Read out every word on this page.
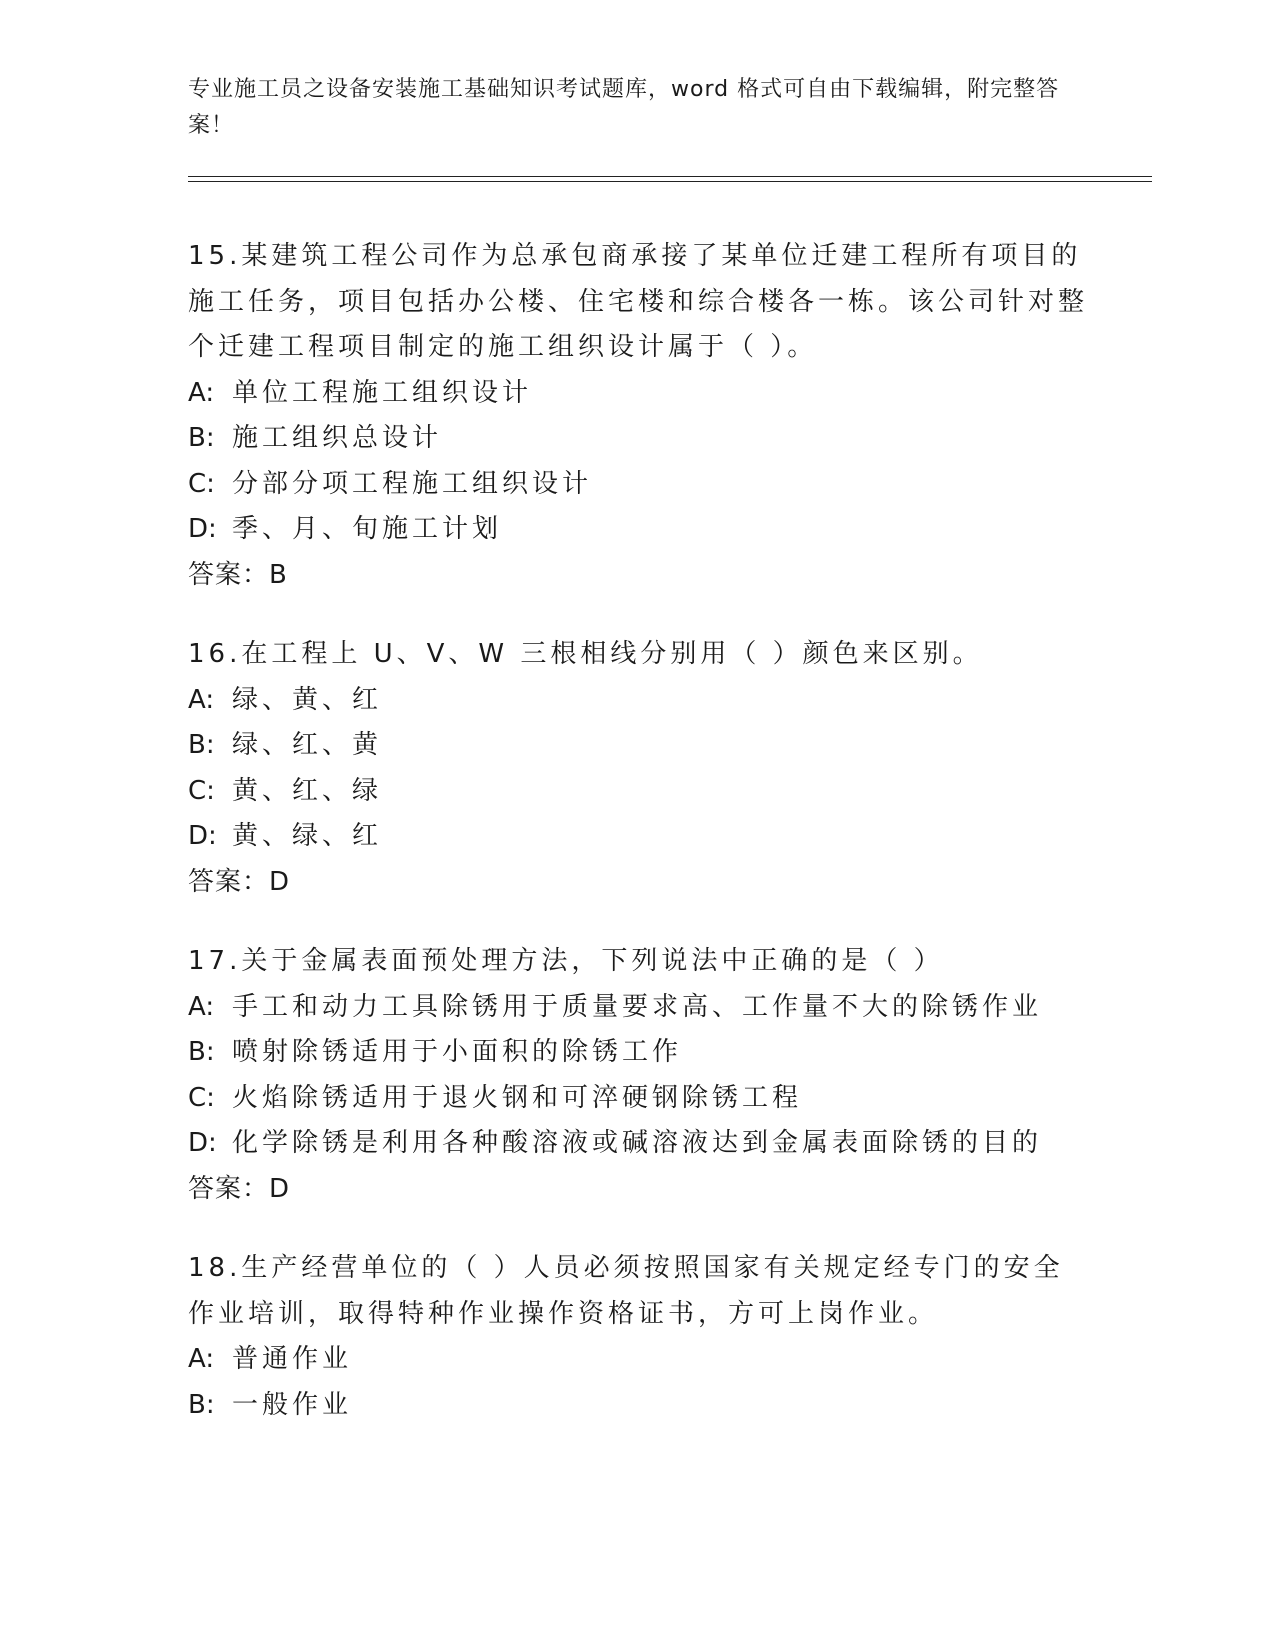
专业施工员之设备安装施工基础知识考试题库，word 格式可自由下载编辑，附完整答案！
15.某建筑工程公司作为总承包商承接了某单位迁建工程所有项目的施工任务，项目包括办公楼、住宅楼和综合楼各一栋。该公司针对整个迁建工程项目制定的施工组织设计属于（ ）。
A: 单位工程施工组织设计
B: 施工组织总设计
C: 分部分项工程施工组织设计
D: 季、月、旬施工计划
答案：B
16.在工程上 U、V、W 三根相线分别用（ ）颜色来区别。
A: 绿、黄、红
B: 绿、红、黄
C: 黄、红、绿
D: 黄、绿、红
答案：D
17.关于金属表面预处理方法，下列说法中正确的是（ ）
A: 手工和动力工具除锈用于质量要求高、工作量不大的除锈作业
B: 喷射除锈适用于小面积的除锈工作
C: 火焰除锈适用于退火钢和可淬硬钢除锈工程
D: 化学除锈是利用各种酸溶液或碱溶液达到金属表面除锈的目的
答案：D
18.生产经营单位的（ ）人员必须按照国家有关规定经专门的安全作业培训，取得特种作业操作资格证书，方可上岗作业。
A: 普通作业
B: 一般作业
